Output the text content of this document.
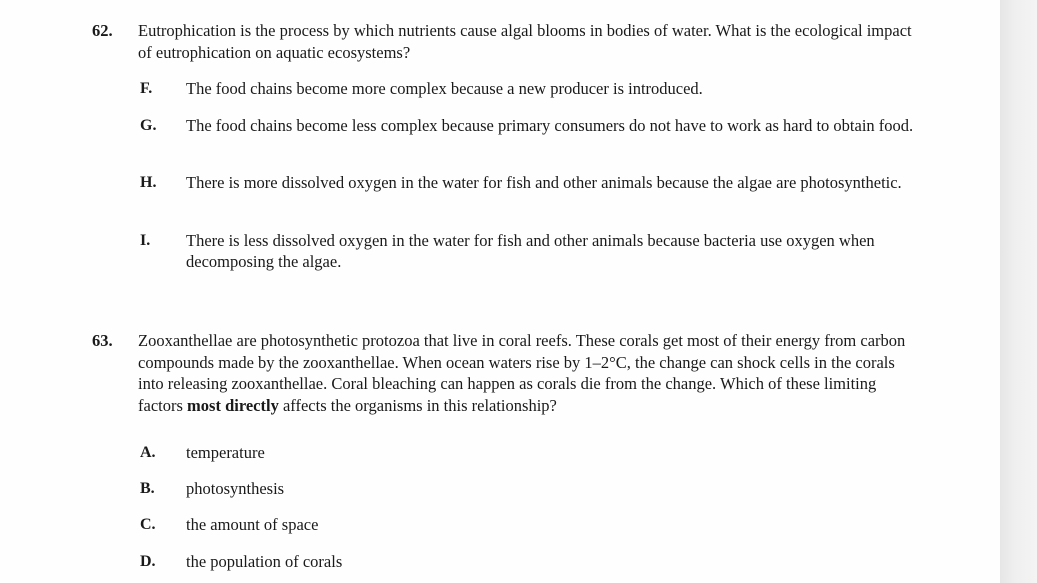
62. Eutrophication is the process by which nutrients cause algal blooms in bodies of water. What is the ecological impact of eutrophication on aquatic ecosystems?
F. The food chains become more complex because a new producer is introduced.
G. The food chains become less complex because primary consumers do not have to work as hard to obtain food.
H. There is more dissolved oxygen in the water for fish and other animals because the algae are photosynthetic.
I. There is less dissolved oxygen in the water for fish and other animals because bacteria use oxygen when decomposing the algae.
63. Zooxanthellae are photosynthetic protozoa that live in coral reefs. These corals get most of their energy from carbon compounds made by the zooxanthellae. When ocean waters rise by 1–2°C, the change can shock cells in the corals into releasing zooxanthellae. Coral bleaching can happen as corals die from the change. Which of these limiting factors most directly affects the organisms in this relationship?
A. temperature
B. photosynthesis
C. the amount of space
D. the population of corals
